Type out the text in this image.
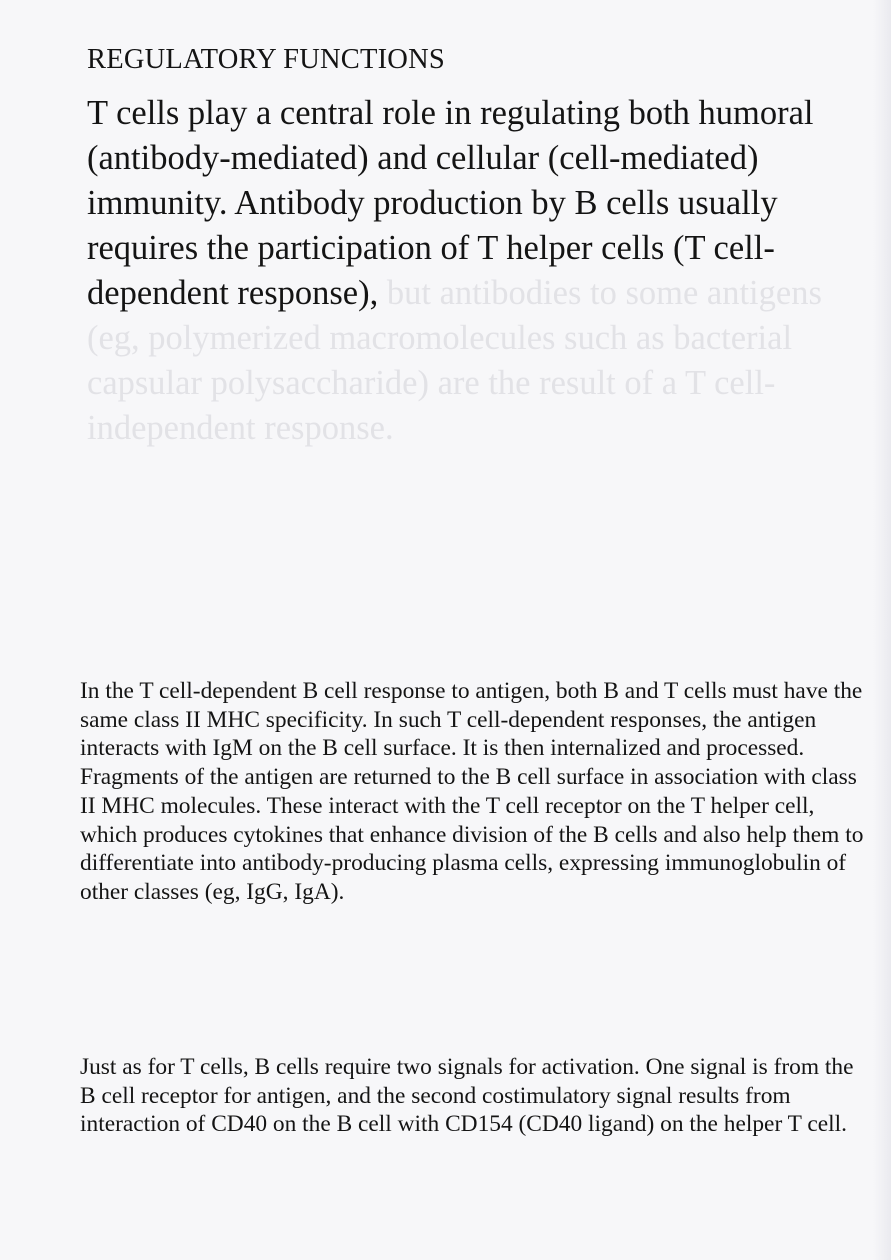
REGULATORY FUNCTIONS

T cells play a central role in regulating both humoral (antibody-mediated) and cellular (cell-mediated) immunity. Antibody production by B cells usually requires the participation of T helper cells (T cell-dependent response), but antibodies to some antigens (eg, polymerized macromolecules such as bacterial capsular polysaccharide) are the result of a T cell-independent response.

In the T cell-dependent B cell response to antigen, both B and T cells must have the same class II MHC specificity. In such T cell-dependent responses, the antigen interacts with IgM on the B cell surface. It is then internalized and processed. Fragments of the antigen are returned to the B cell surface in association with class II MHC molecules. These interact with the T cell receptor on the T helper cell, which produces cytokines that enhance division of the B cells and also help them to differentiate into antibody-producing plasma cells, expressing immunoglobulin of other classes (eg, IgG, IgA).

Just as for T cells, B cells require two signals for activation. One signal is from the B cell receptor for antigen, and the second costimulatory signal results from interaction of CD40 on the B cell with CD154 (CD40 ligand) on the helper T cell.
